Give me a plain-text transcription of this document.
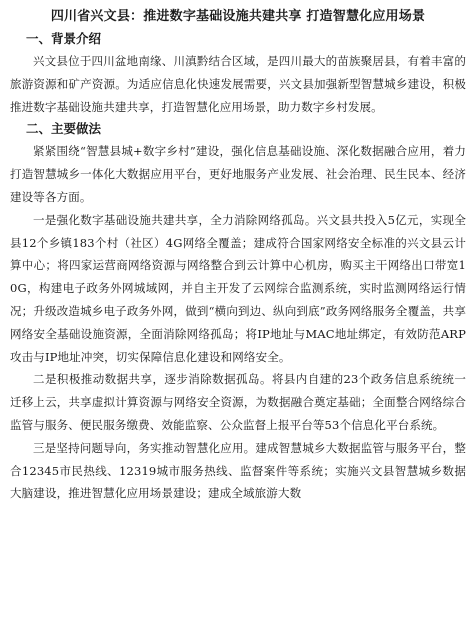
四川省兴文县：推进数字基础设施共建共享 打造智慧化应用场景
一、背景介绍

兴文县位于四川盆地南缘、川滇黔结合区域，是四川最大的苗族聚居县，有着丰富的旅游资源和矿产资源。为适应信息化快速发展需要，兴文县加强新型智慧城乡建设，积极推进数字基础设施共建共享，打造智慧化应用场景，助力数字乡村发展。

二、主要做法

紧紧围绕“智慧县城+数字乡村”建设，强化信息基础设施、深化数据融合应用，着力打造智慧城乡一体化大数据应用平台，更好地服务产业发展、社会治理、民生民本、经济建设等各方面。

一是强化数字基础设施共建共享，全力消除网络孤岛。兴文县共投入5亿元，实现全县12个乡镇183个村（社区）4G网络全覆盖；建成符合国家网络安全标准的兴文县云计算中心；将四家运营商网络资源与网络整合到云计算中心机房，购买主干网络出口带宽10G，构建电子政务外网城域网，并自主开发了云网综合监测系统，实时监测网络运行情况；升级改造城乡电子政务外网，做到“横向到边、纵向到底”政务网络服务全覆盖，共享网络安全基础设施资源，全面消除网络孤岛；将IP地址与MAC地址绑定，有效防范ARP攻击与IP地址冲突，切实保障信息化建设和网络安全。

二是积极推动数据共享，逐步消除数据孤岛。将县内自建的23个政务信息系统统一迁移上云，共享虚拟计算资源与网络安全资源，为数据融合奠定基础；全面整合网络综合监管与服务、便民服务缴费、效能监察、公众监督上报平台等53个信息化平台系统。

三是坚持问题导向，务实推动智慧化应用。建成智慧城乡大数据监管与服务平台，整合12345市民热线、12319城市服务热线、监督案件等系统；实施兴文县智慧城乡数据大脑建设，推进智慧化应用场景建设；建成全域旅游大数
